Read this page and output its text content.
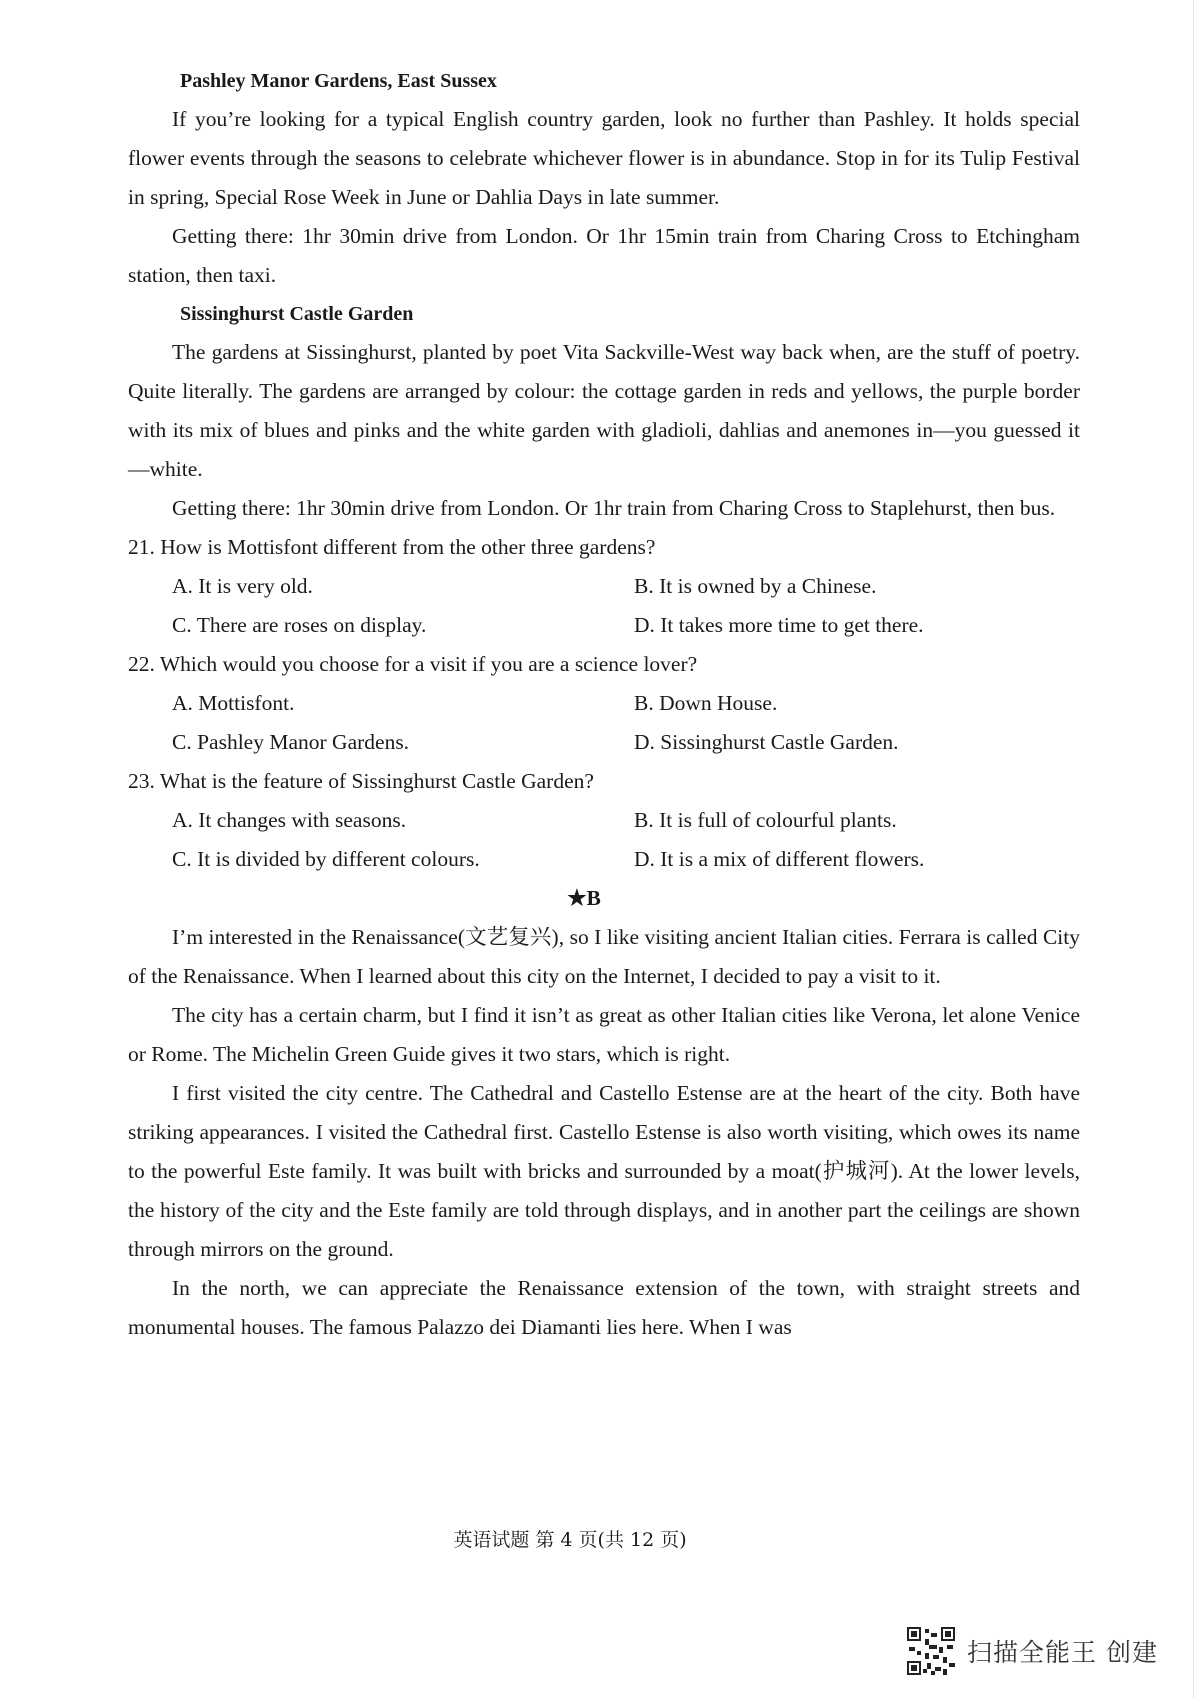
Pashley Manor Gardens, East Sussex

If you’re looking for a typical English country garden, look no further than Pashley. It holds special flower events through the seasons to celebrate whichever flower is in abundance. Stop in for its Tulip Festival in spring, Special Rose Week in June or Dahlia Days in late summer.

Getting there: 1hr 30min drive from London. Or 1hr 15min train from Charing Cross to Etchingham station, then taxi.

Sissinghurst Castle Garden

The gardens at Sissinghurst, planted by poet Vita Sackville-West way back when, are the stuff of poetry. Quite literally. The gardens are arranged by colour: the cottage garden in reds and yellows, the purple border with its mix of blues and pinks and the white garden with gladioli, dahlias and anemones in—you guessed it—white.

Getting there: 1hr 30min drive from London. Or 1hr train from Charing Cross to Staplehurst, then bus.

21. How is Mottisfont different from the other three gardens?

A. It is very old.	B. It is owned by a Chinese.
C. There are roses on display.	D. It takes more time to get there.

22. Which would you choose for a visit if you are a science lover?

A. Mottisfont.	B. Down House.
C. Pashley Manor Gardens.	D. Sissinghurst Castle Garden.

23. What is the feature of Sissinghurst Castle Garden?

A. It changes with seasons.	B. It is full of colourful plants.
C. It is divided by different colours.	D. It is a mix of different flowers.
★B

I’m interested in the Renaissance(文艺复兴), so I like visiting ancient Italian cities. Ferrara is called City of the Renaissance. When I learned about this city on the Internet, I decided to pay a visit to it.

The city has a certain charm, but I find it isn’t as great as other Italian cities like Verona, let alone Venice or Rome. The Michelin Green Guide gives it two stars, which is right.

I first visited the city centre. The Cathedral and Castello Estense are at the heart of the city. Both have striking appearances. I visited the Cathedral first. Castello Estense is also worth visiting, which owes its name to the powerful Este family. It was built with bricks and surrounded by a moat(护城河). At the lower levels, the history of the city and the Este family are told through displays, and in another part the ceilings are shown through mirrors on the ground.

In the north, we can appreciate the Renaissance extension of the town, with straight streets and monumental houses. The famous Palazzo dei Diamanti lies here. When I was

英语试题 第 4 页(共 12 页)
扫描全能王 创建
